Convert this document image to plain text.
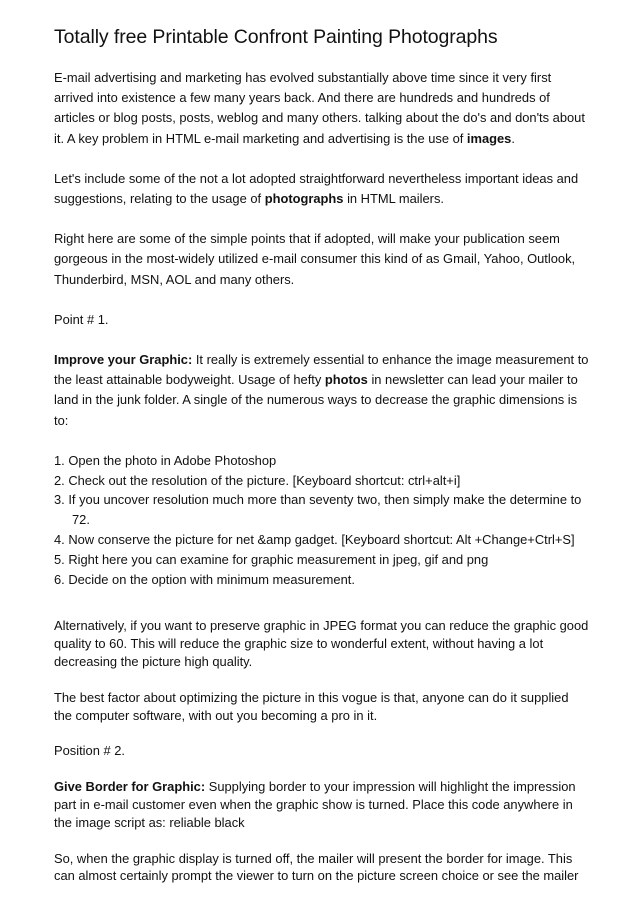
Totally free Printable Confront Painting Photographs

E-mail advertising and marketing has evolved substantially above time since it very first arrived into existence a few many years back. And there are hundreds and hundreds of articles or blog posts, posts, weblog and many others. talking about the do's and don'ts about it. A key problem in HTML e-mail marketing and advertising is the use of images.

Let's include some of the not a lot adopted straightforward nevertheless important ideas and suggestions, relating to the usage of photographs in HTML mailers.

Right here are some of the simple points that if adopted, will make your publication seem gorgeous in the most-widely utilized e-mail consumer this kind of as Gmail, Yahoo, Outlook, Thunderbird, MSN, AOL and many others.

Point # 1.

Improve your Graphic: It really is extremely essential to enhance the image measurement to the least attainable bodyweight. Usage of hefty photos in newsletter can lead your mailer to land in the junk folder. A single of the numerous ways to decrease the graphic dimensions is to:

1. Open the photo in Adobe Photoshop
2. Check out the resolution of the picture. [Keyboard shortcut: ctrl+alt+i]
3. If you uncover resolution much more than seventy two, then simply make the determine to 72.
4. Now conserve the picture for net &amp gadget. [Keyboard shortcut: Alt +Change+Ctrl+S]
5. Right here you can examine for graphic measurement in jpeg, gif and png
6. Decide on the option with minimum measurement.

Alternatively, if you want to preserve graphic in JPEG format you can reduce the graphic good quality to 60. This will reduce the graphic size to wonderful extent, without having a lot decreasing the picture high quality.

The best factor about optimizing the picture in this vogue is that, anyone can do it supplied the computer software, with out you becoming a pro in it.

Position # 2.

Give Border for Graphic: Supplying border to your impression will highlight the impression part in e-mail customer even when the graphic show is turned. Place this code anywhere in the image script as: reliable black

So, when the graphic display is turned off, the mailer will present the border for image. This can almost certainly prompt the viewer to turn on the picture screen choice or see the mailer
